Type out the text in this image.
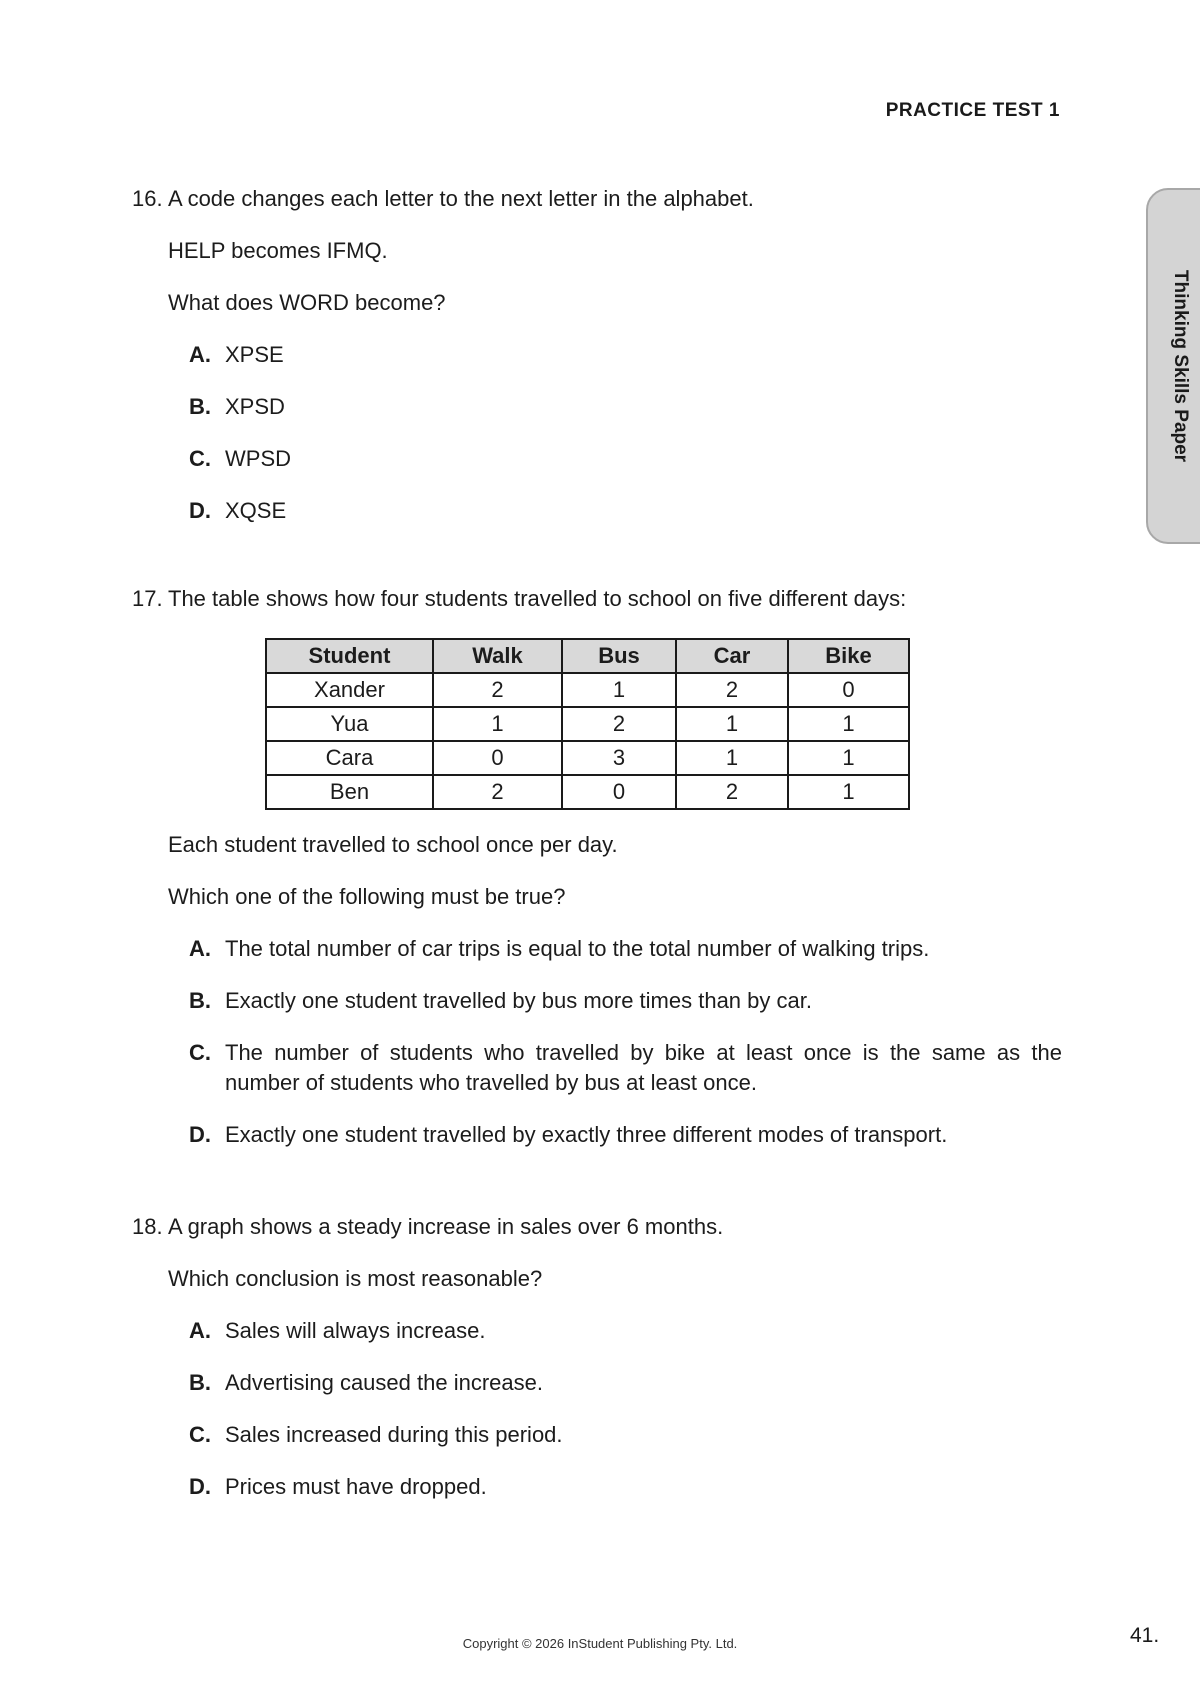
PRACTICE TEST 1
Thinking Skills Paper
16. A code changes each letter to the next letter in the alphabet.
HELP becomes IFMQ.
What does WORD become?
A. XPSE
B. XPSD
C. WPSD
D. XQSE
17. The table shows how four students travelled to school on five different days:
Student	Walk	Bus	Car	Bike
Xander	2	1	2	0
Yua	1	2	1	1
Cara	0	3	1	1
Ben	2	0	2	1
Each student travelled to school once per day.
Which one of the following must be true?
A. The total number of car trips is equal to the total number of walking trips.
B. Exactly one student travelled by bus more times than by car.
C. The number of students who travelled by bike at least once is the same as the number of students who travelled by bus at least once.
D. Exactly one student travelled by exactly three different modes of transport.
18. A graph shows a steady increase in sales over 6 months.
Which conclusion is most reasonable?
A. Sales will always increase.
B. Advertising caused the increase.
C. Sales increased during this period.
D. Prices must have dropped.
Copyright © 2026 InStudent Publishing Pty. Ltd.	41.
